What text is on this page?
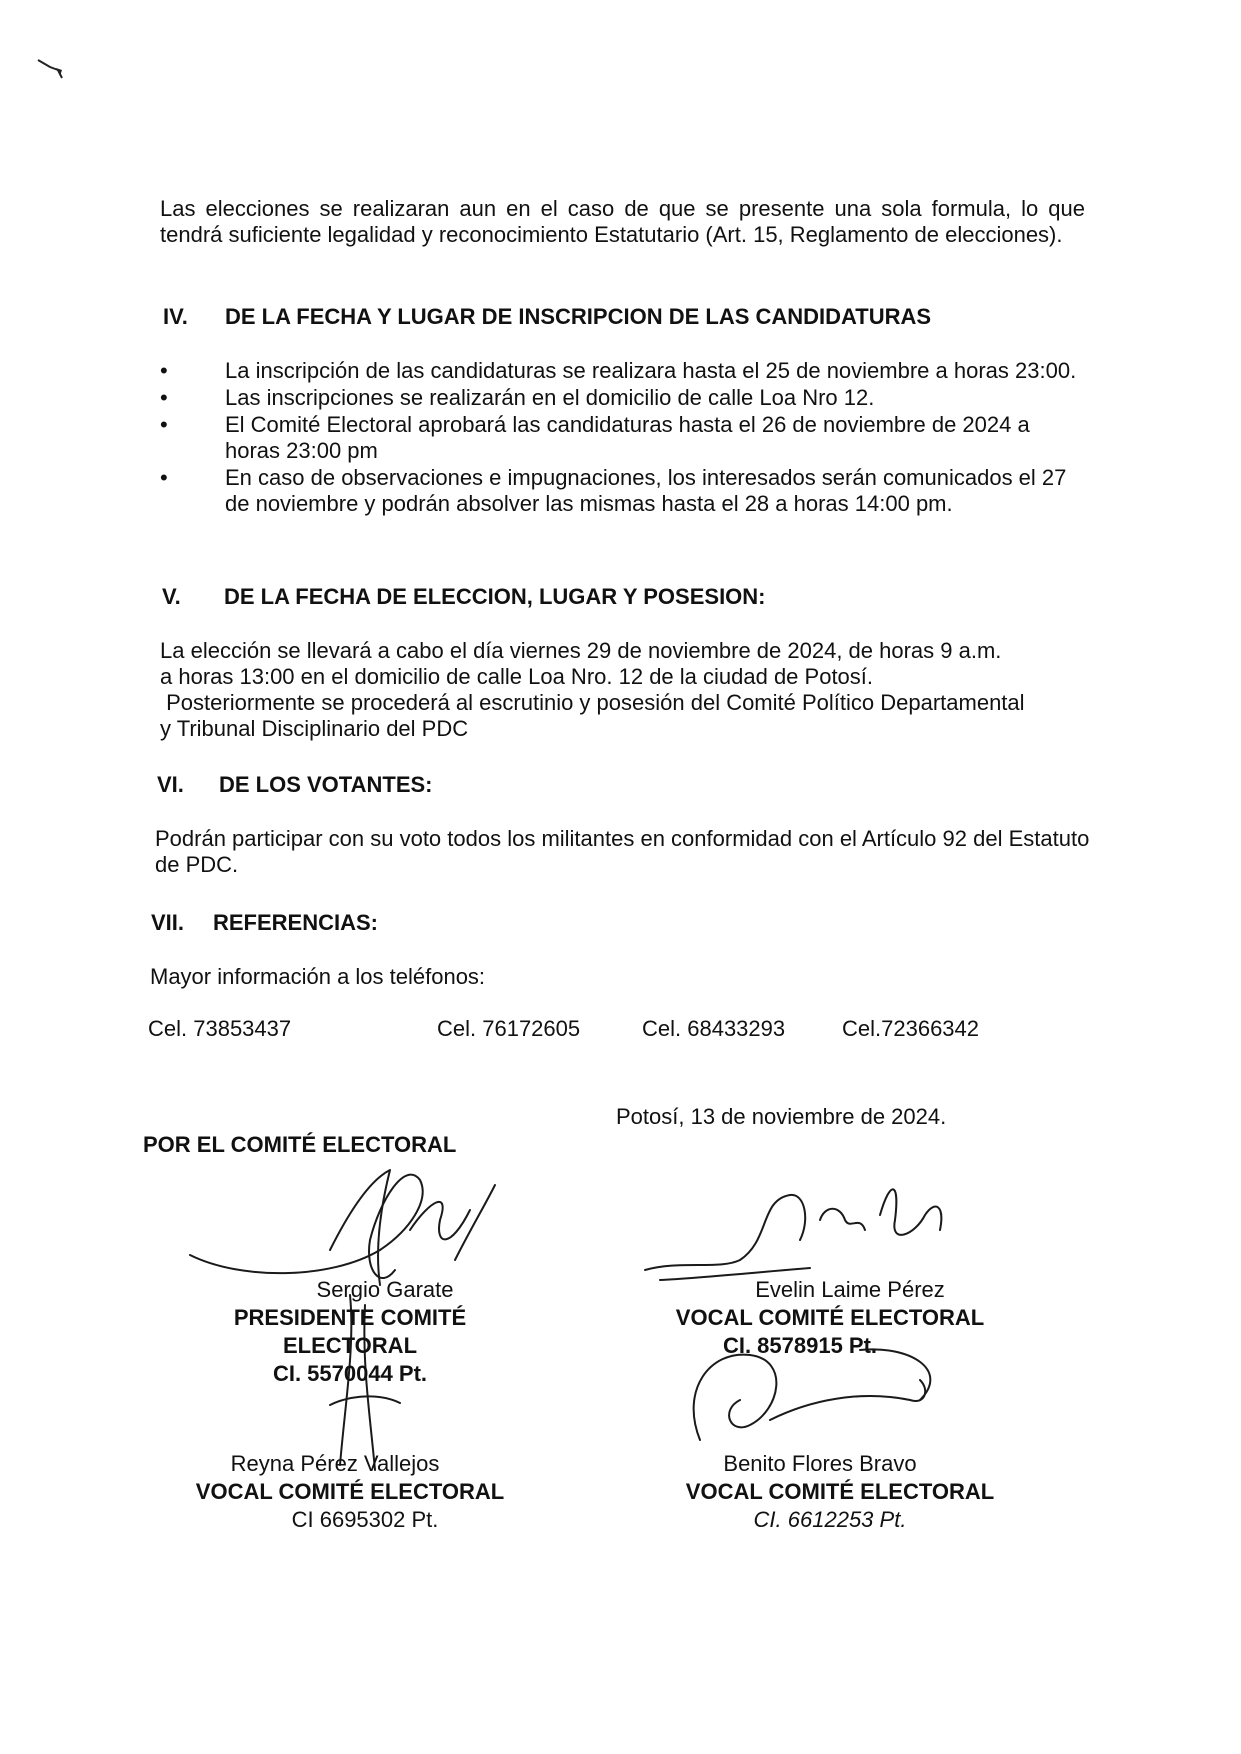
Las elecciones se realizaran aun en el caso de que se presente una sola formula, lo que tendrá suficiente legalidad y reconocimiento Estatutario (Art. 15, Reglamento de elecciones).

IV. DE LA FECHA Y LUGAR DE INSCRIPCION DE LAS CANDIDATURAS
• La inscripción de las candidaturas se realizara hasta el 25 de noviembre a horas 23:00.
• Las inscripciones se realizarán en el domicilio de calle Loa Nro 12.
• El Comité Electoral aprobará las candidaturas hasta el 26 de noviembre de 2024 a horas 23:00 pm
• En caso de observaciones e impugnaciones, los interesados serán comunicados el 27 de noviembre y podrán absolver las mismas hasta el 28 a horas 14:00 pm.
V. DE LA FECHA DE ELECCION, LUGAR Y POSESION:
La elección se llevará a cabo el día viernes 29 de noviembre de 2024, de horas 9 a.m.
a horas 13:00 en el domicilio de calle Loa Nro. 12 de la ciudad de Potosí.
Posteriormente se procederá al escrutinio y posesión del Comité Político Departamental
y Tribunal Disciplinario del PDC
VI. DE LOS VOTANTES:

Podrán participar con su voto todos los militantes en conformidad con el Artículo 92 del Estatuto de PDC.

VII. REFERENCIAS:

Mayor información a los teléfonos:

Cel. 73853437	Cel. 76172605	Cel. 68433293	Cel.72366342

Potosí, 13 de noviembre de 2024.

POR EL COMITÉ ELECTORAL
Sergio Garate
PRESIDENTE COMITÉ
ELECTORAL
CI. 5570044 Pt.
Evelin Laime Pérez
VOCAL COMITÉ ELECTORAL
CI. 8578915 Pt.
Reyna Pérez Vallejos
VOCAL COMITÉ ELECTORAL
CI 6695302 Pt.
Benito Flores Bravo
VOCAL COMITÉ ELECTORAL
CI. 6612253 Pt.
